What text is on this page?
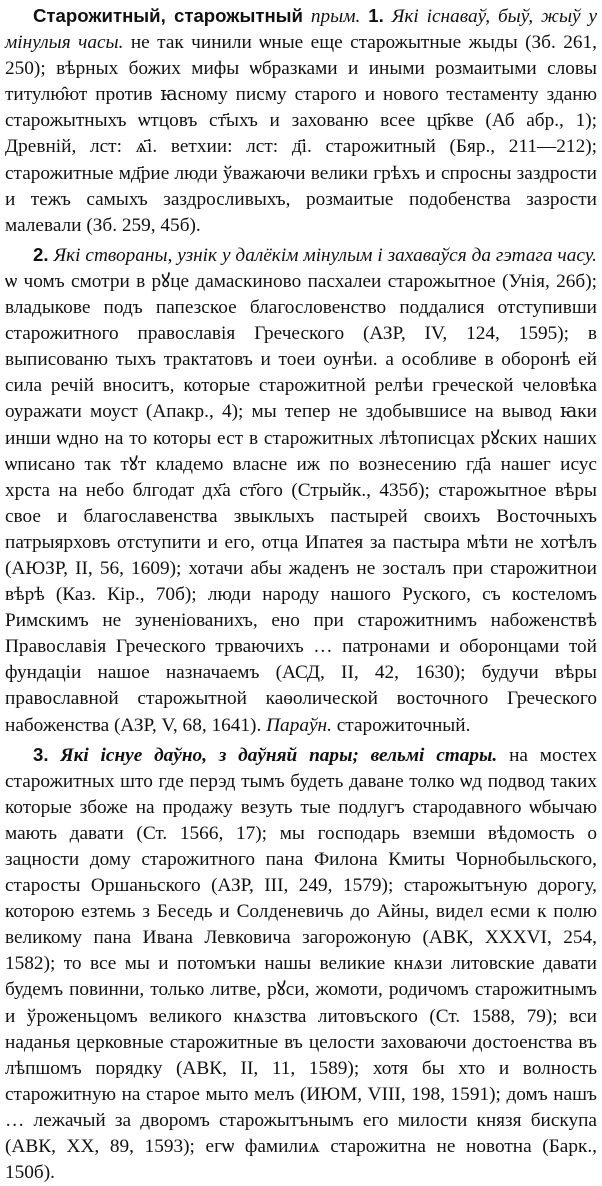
Старожитный, старожытный прым. 1. Які існаваў, быў, жыў у мінулыя часы. не так чинили ѡные еще старожытные жыды (Зб. 261, 250); вѣрных божих мифы ѡбразками и иными розмаитыми словы титулю̂ют против ꙗсному писму старого и нового тестаменту зданю старожытныхъ ѡтцовъ ст҃ыхъ и захованю всее цр҃кве (Аб абр., 1); Древній, лст: ѧ҃і. ветхии: лст: д҃і. старожитный (Бяр., 211—212); старожитные мд҃рие люди ўважаючи велики грѣхъ и спросны заздрости и тежъ самыхъ заздросливыхъ, розмаитые подобенства зазрости малевали (Зб. 259, 45б).

2. Які створаны, узнік у далёкім мінулым і захаваўся да гэтага часу. ѡ чомъ смотри в рꙋце дамаскиново пасхалеи старожытное (Унія, 26б); владыкове подъ папезское благословенство поддалися отступивши старожитного православія Греческого (АЗР, IV, 124, 1595); в выписованю тыхъ трактатовъ и тоеи оунѣи. а особливе в оборонѣ ей сила речій вноситъ, которые старожитной релѣи греческой человѣка оуражати моуст (Апакр., 4); мы тепер не здобывшисе на вывод ꙗки инши ѡдно на то которы ест в старожитных лѣтописцах рꙋских наших ѡписано так тꙋт кладемо власне иж по вознесению гд҃а нашег исус хрста на небо блгодат дх҃а ст҃ого (Стрыйк., 435б); старожытное вѣры свое и благославенства звыклыхъ пастырей своихъ Восточныхъ патрыярховъ отступити и его, отца Ипатея за пастыра мѣти не хотѣлъ (АЮЗР, II, 56, 1609); хотачи абы жаденъ не зосталъ при старожитнои вѣрѣ (Каз. Кір., 70б); люди народу нашого Руского, съ костеломъ Римскимъ не зуненіованихъ, ено при старожитнимъ набоженствѣ Православія Греческого трваючихъ … патронами и оборонцами той фундаціи нашое назначаемъ (АСД, II, 42, 1630); будучи вѣры православной старожытной каѳолической восточного Греческого набоженства (АЗР, V, 68, 1641). Параўн. старожиточный.

3. Які існуе даўно, з даўняй пары; вельмі стары. на мостех старожитных што где перэд тымъ будеть даване толко ѡд подвод таких которые збоже на продажу везуть тые подлугъ стародавного ѡбычаю мають давати (Ст. 1566, 17); мы господарь вземши вѣдомость о зацности дому старожитного пана Филона Кмиты Чорнобыльского, старосты Оршаньского (АЗР, III, 249, 1579); старожытъную дорогу, которою езтемь з Беседь и Солденевичь до Айны, видел есми к полю великому пана Ивана Левковича загорожоную (АВК, XXXVI, 254, 1582); то все мы и потомъки нашы великие кнѧзи литовские давати будемъ повинни, только литве, рꙋси, жомоти, родичомъ старожитнымъ и ўроженьцомъ великого кнѧзства литовъского (Ст. 1588, 79); вси наданья церковные старожитные въ целости заховаючи достоенства въ лѣпшомъ порядку (АВК, II, 11, 1589); хотя бы хто и волность старожитную на старое мыто мелъ (ИЮМ, VIII, 198, 1591); домъ нашъ … лежачый за дворомъ старожытънымъ его милости князя бискупа (АВК, XX, 89, 1593); егѡ фамилиѧ старожитна не новотна (Барк., 150б).
